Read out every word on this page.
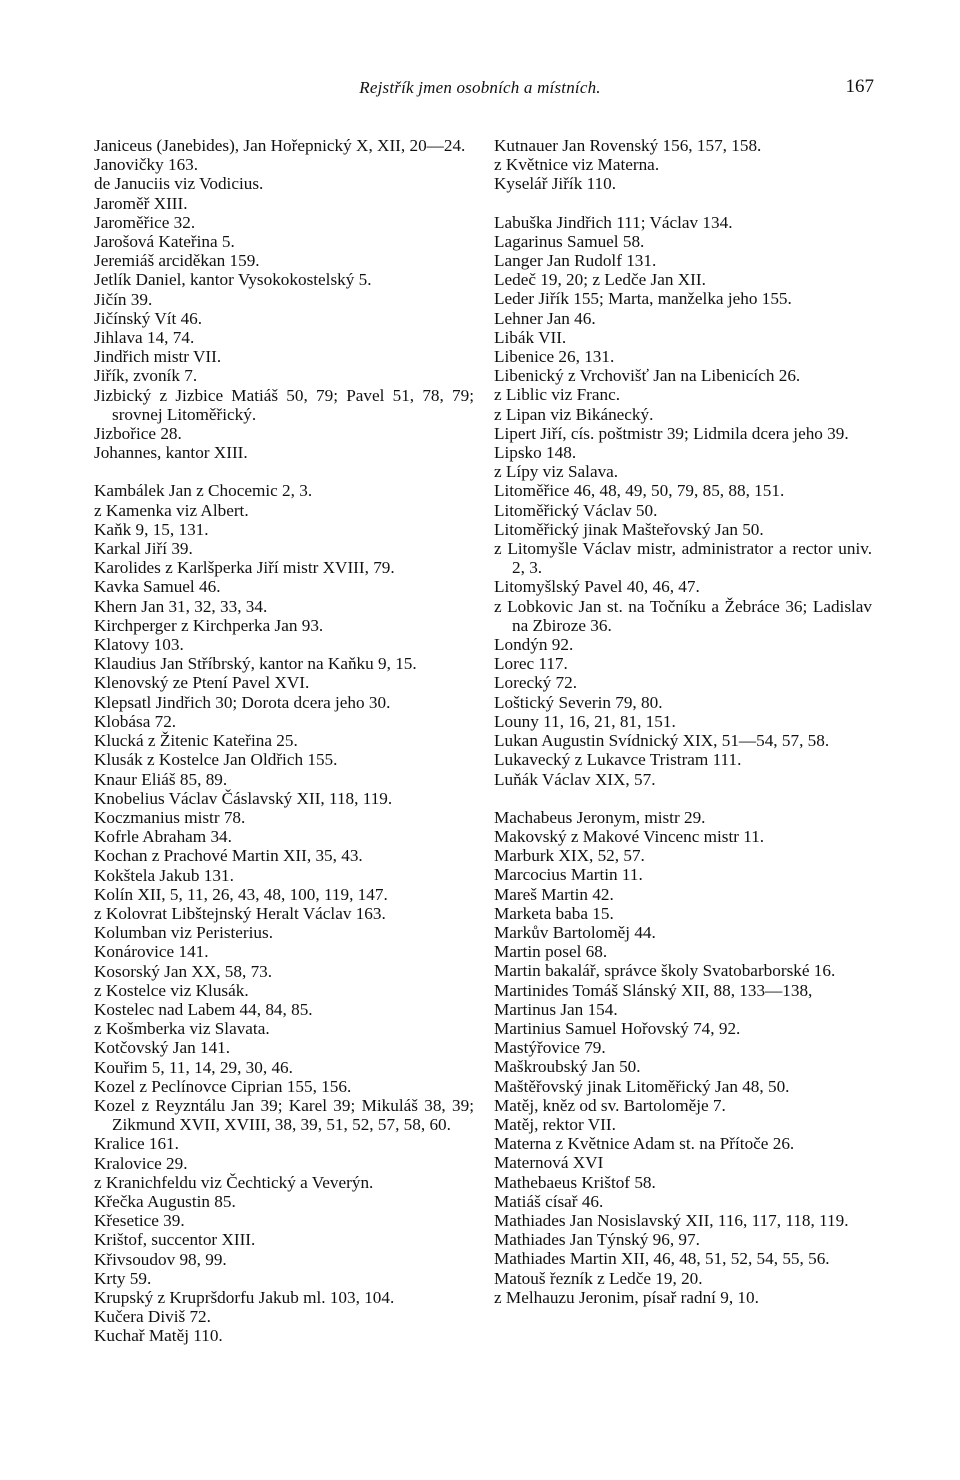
Rejstřík jmen osobních a místních.	167

Janiceus (Janebides), Jan Hořepnický X, XII, 20—24.

Janovičky 163.

de Januciis viz Vodicius.

Jaroměř XIII.

Jaroměřice 32.

Jarošová Kateřina 5.

Jeremiáš arciděkan 159.

Jetlík Daniel, kantor Vysokokostelský 5.

Jičín 39.

Jičínský Vít 46.

Jihlava 14, 74.

Jindřich mistr VII.

Jiřík, zvoník 7.

Jizbický z Jizbice Matiáš 50, 79; Pavel 51, 78, 79; srovnej Litoměřický.

Jizbořice 28.

Johannes, kantor XIII.

Kambálek Jan z Chocemic 2, 3.

z Kamenka viz Albert.

Kaňk 9, 15, 131.

Karkal Jiří 39.

Karolides z Karlšperka Jiří mistr XVIII, 79.

Kavka Samuel 46.

Khern Jan 31, 32, 33, 34.

Kirchperger z Kirchperka Jan 93.

Klatovy 103.

Klaudius Jan Stříbrský, kantor na Kaňku 9, 15.

Klenovský ze Ptení Pavel XVI.

Klepsatl Jindřich 30; Dorota dcera jeho 30.

Klobása 72.

Klucká z Žitenic Kateřina 25.

Klusák z Kostelce Jan Oldřich 155.

Knaur Eliáš 85, 89.

Knobelius Václav Čáslavský XII, 118, 119.

Koczmanius mistr 78.

Kofrle Abraham 34.

Kochan z Prachové Martin XII, 35, 43.

Kokštela Jakub 131.

Kolín XII, 5, 11, 26, 43, 48, 100, 119, 147.

z Kolovrat Libštejnský Heralt Václav 163.

Kolumban viz Peristerius.

Konárovice 141.

Kosorský Jan XX, 58, 73.

z Kostelce viz Klusák.

Kostelec nad Labem 44, 84, 85.

z Košmberka viz Slavata.

Kotčovský Jan 141.

Kouřim 5, 11, 14, 29, 30, 46.

Kozel z Peclínovce Ciprian 155, 156.

Kozel z Reyzntálu Jan 39; Karel 39; Mikuláš 38, 39; Zikmund XVII, XVIII, 38, 39, 51, 52, 57, 58, 60.

Kralice 161.

Kralovice 29.

z Kranichfeldu viz Čechtický a Veverýn.

Křečka Augustin 85.

Křesetice 39.

Krištof, succentor XIII.

Křivsoudov 98, 99.

Krty 59.

Krupský z Krupršdorfu Jakub ml. 103, 104.

Kučera Diviš 72.

Kuchař Matěj 110.

Kutnauer Jan Rovenský 156, 157, 158.

z Květnice viz Materna.

Kyselář Jiřík 110.

Labuška Jindřich 111; Václav 134.

Lagarinus Samuel 58.

Langer Jan Rudolf 131.

Ledeč 19, 20; z Ledče Jan XII.

Leder Jiřík 155; Marta, manželka jeho 155.

Lehner Jan 46.

Libák VII.

Libenice 26, 131.

Libenický z Vrchovišť Jan na Libenicích 26.

z Liblic viz Franc.

z Lipan viz Bikánecký.

Lipert Jiří, cís. poštmistr 39; Lidmila dcera jeho 39.

Lipsko 148.

z Lípy viz Salava.

Litoměřice 46, 48, 49, 50, 79, 85, 88, 151.

Litoměřický Václav 50.

Litoměřický jinak Mašteřovský Jan 50.

z Litomyšle Václav mistr, administrator a rector univ. 2, 3.

Litomyšlský Pavel 40, 46, 47.

z Lobkovic Jan st. na Točníku a Žebráce 36; Ladislav na Zbiroze 36.

Londýn 92.

Lorec 117.

Lorecký 72.

Loštický Severin 79, 80.

Louny 11, 16, 21, 81, 151.

Lukan Augustin Svídnický XIX, 51—54, 57, 58.

Lukavecký z Lukavce Tristram 111.

Luňák Václav XIX, 57.

Machabeus Jeronym, mistr 29.

Makovský z Makové Vincenc mistr 11.

Marburk XIX, 52, 57.

Marcocius Martin 11.

Mareš Martin 42.

Marketa baba 15.

Markův Bartoloměj 44.

Martin posel 68.

Martin bakalář, správce školy Svatobarborské 16.

Martinides Tomáš Slánský XII, 88, 133—138,

Martinus Jan 154.

Martinius Samuel Hořovský 74, 92.

Mastýřovice 79.

Maškroubský Jan 50.

Maštěřovský jinak Litoměřický Jan 48, 50.

Matěj, kněz od sv. Bartoloměje 7.

Matěj, rektor VII.

Materna z Květnice Adam st. na Přítoče 26.

Maternová XVI

Mathebaeus Krištof 58.

Matiáš císař 46.

Mathiades Jan Nosislavský XII, 116, 117, 118, 119.

Mathiades Jan Týnský 96, 97.

Mathiades Martin XII, 46, 48, 51, 52, 54, 55, 56.

Matouš řezník z Ledče 19, 20.

z Melhauzu Jeronim, písař radní 9, 10.
